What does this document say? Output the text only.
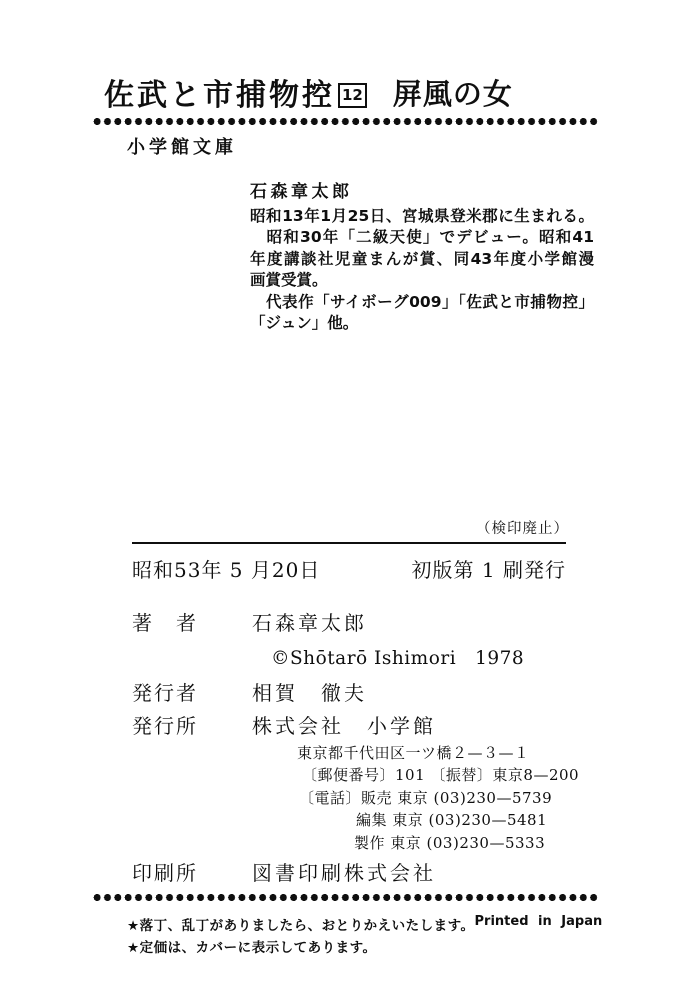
佐武と市捕物控 12 屏風の女
小学館文庫
石森章太郎
昭和13年1月25日、宮城県登米郡に生まれる。
　昭和30年「二級天使」でデビュー。昭和41
年度講談社児童まんが賞、同43年度小学館漫
画賞受賞。
　代表作「サイボーグ009」「佐武と市捕物控」
「ジュン」他。
（検印廃止）
昭和53年 5 月20日	初版第 1 刷発行
著　者	石森章太郎
©Shōtarō Ishimori　1978
発行者	相賀　徹夫
発行所	株式会社　小学館
東京都千代田区一ツ橋２—３—１
〔郵便番号〕101 〔振替〕東京8—200
〔電話〕販売 東京 (03)230—5739
編集 東京 (03)230—5481
製作 東京 (03)230—5333
印刷所	図書印刷株式会社
★落丁、乱丁がありましたら、おとりかえいたします。 Printed in Japan
★定価は、カバーに表示してあります。
